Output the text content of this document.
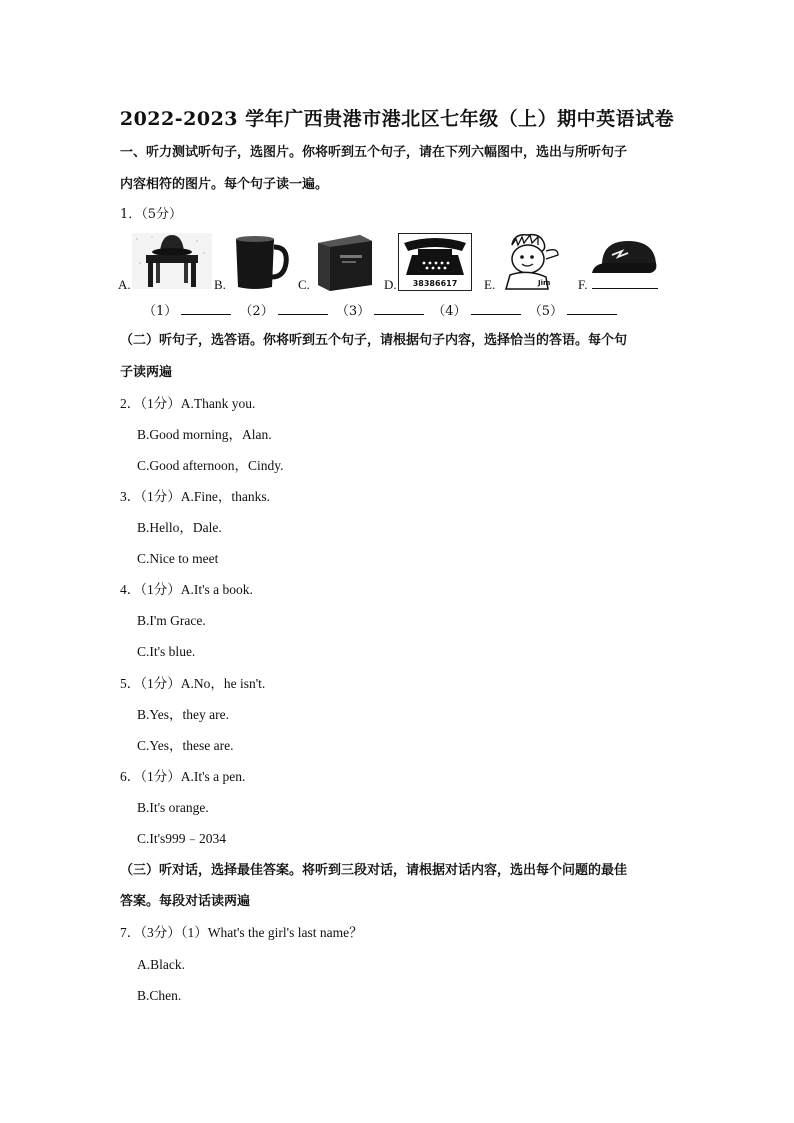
2022-2023 学年广西贵港市港北区七年级（上）期中英语试卷
一、听力测试听句子，选图片。你将听到五个句子，请在下列六幅图中，选出与所听句子
内容相符的图片。每个句子读一遍。
1．（5分）
A.	B.	C.	D. 38386617 E.	Jim F.
（1）	（2）	（3）	（4）	（5）
（二）听句子，选答语。你将听到五个句子，请根据句子内容，选择恰当的答语。每个句
子读两遍
2．（1分）A.Thank you.
B.Good morning，Alan.
C.Good afternoon，Cindy.
3．（1分）A.Fine，thanks.
B.Hello，Dale.
C.Nice to meet
4．（1分）A.It's a book.
B.I'm Grace.
C.It's blue.
5．（1分）A.No，he isn't.
B.Yes，they are.
C.Yes，these are.
6．（1分）A.It's a pen.
B.It's orange.
C.It's999﹣2034
（三）听对话，选择最佳答案。将听到三段对话，请根据对话内容，选出每个问题的最佳
答案。每段对话读两遍
7．（3分）（1）What's the girl's last name？
A.Black.
B.Chen.
